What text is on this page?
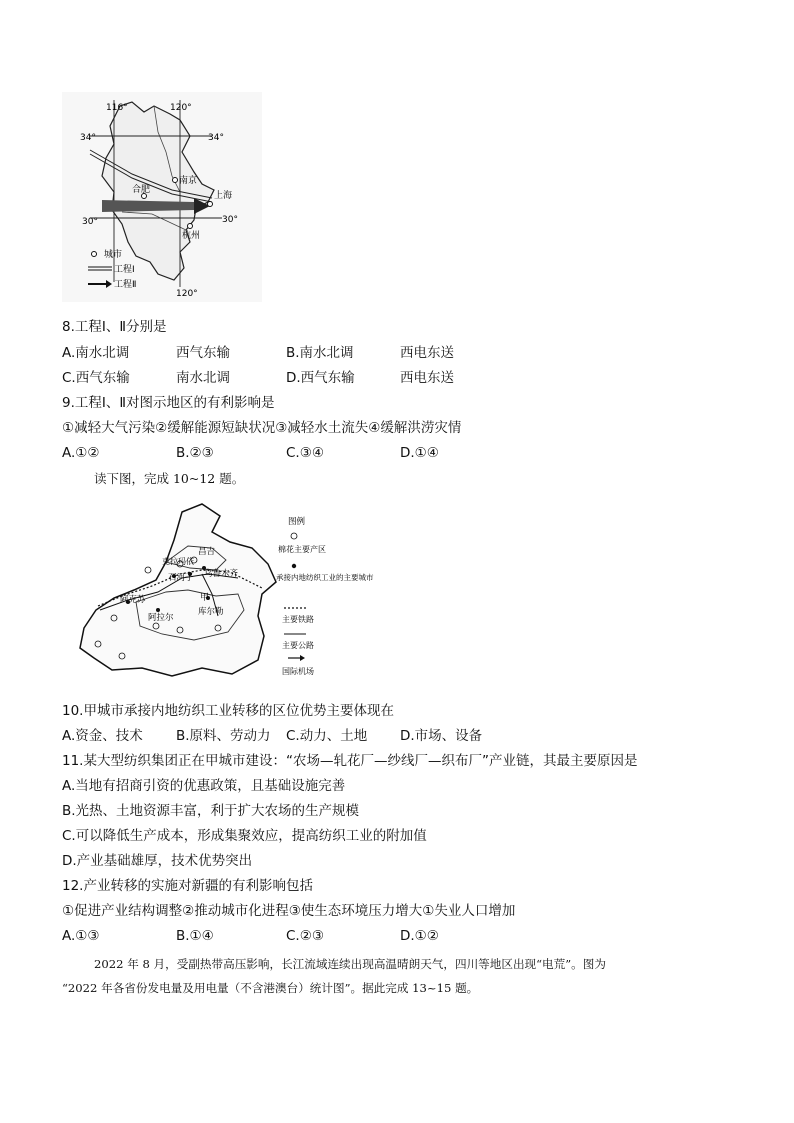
116°	120°
34°	34°
30°	30°
南京
合肥
上海
杭州
120°
城市
工程Ⅰ
工程Ⅱ
8.工程Ⅰ、Ⅱ分别是
A.南水北调	西气东输	B.南水北调	西电东送
C.西气东输	南水北调	D.西气东输	西电东送
9.工程Ⅰ、Ⅱ对图示地区的有利影响是
①减轻大气污染②缓解能源短缺状况③减轻水土流失④缓解洪涝灾情
A.①②	B.②③	C.③④	D.①④
读下图，完成 10~12 题。
昌吉
克拉玛依
石河子 乌鲁木齐
甲
阿克苏
阿拉尔
库尔勒
图例
棉花主要产区
承接内地纺织工业的主要城市
主要铁路
主要公路
国际机场
10.甲城市承接内地纺织工业转移的区位优势主要体现在
A.资金、技术 B.原料、劳动力 C.动力、土地 D.市场、设备
11.某大型纺织集团正在甲城市建设：“农场—轧花厂—纱线厂—织布厂”产业链，其最主要原因是
A.当地有招商引资的优惠政策，且基础设施完善
B.光热、土地资源丰富，利于扩大农场的生产规模
C.可以降低生产成本，形成集聚效应，提高纺织工业的附加值
D.产业基础雄厚，技术优势突出
12.产业转移的实施对新疆的有利影响包括
①促进产业结构调整②推动城市化进程③使生态环境压力增大①失业人口增加
A.①③	B.①④	C.②③	D.①②
2022 年 8 月，受副热带高压影响，长江流域连续出现高温晴朗天气，四川等地区出现“电荒”。图为
“2022 年各省份发电量及用电量（不含港澳台）统计图”。据此完成 13~15 题。
